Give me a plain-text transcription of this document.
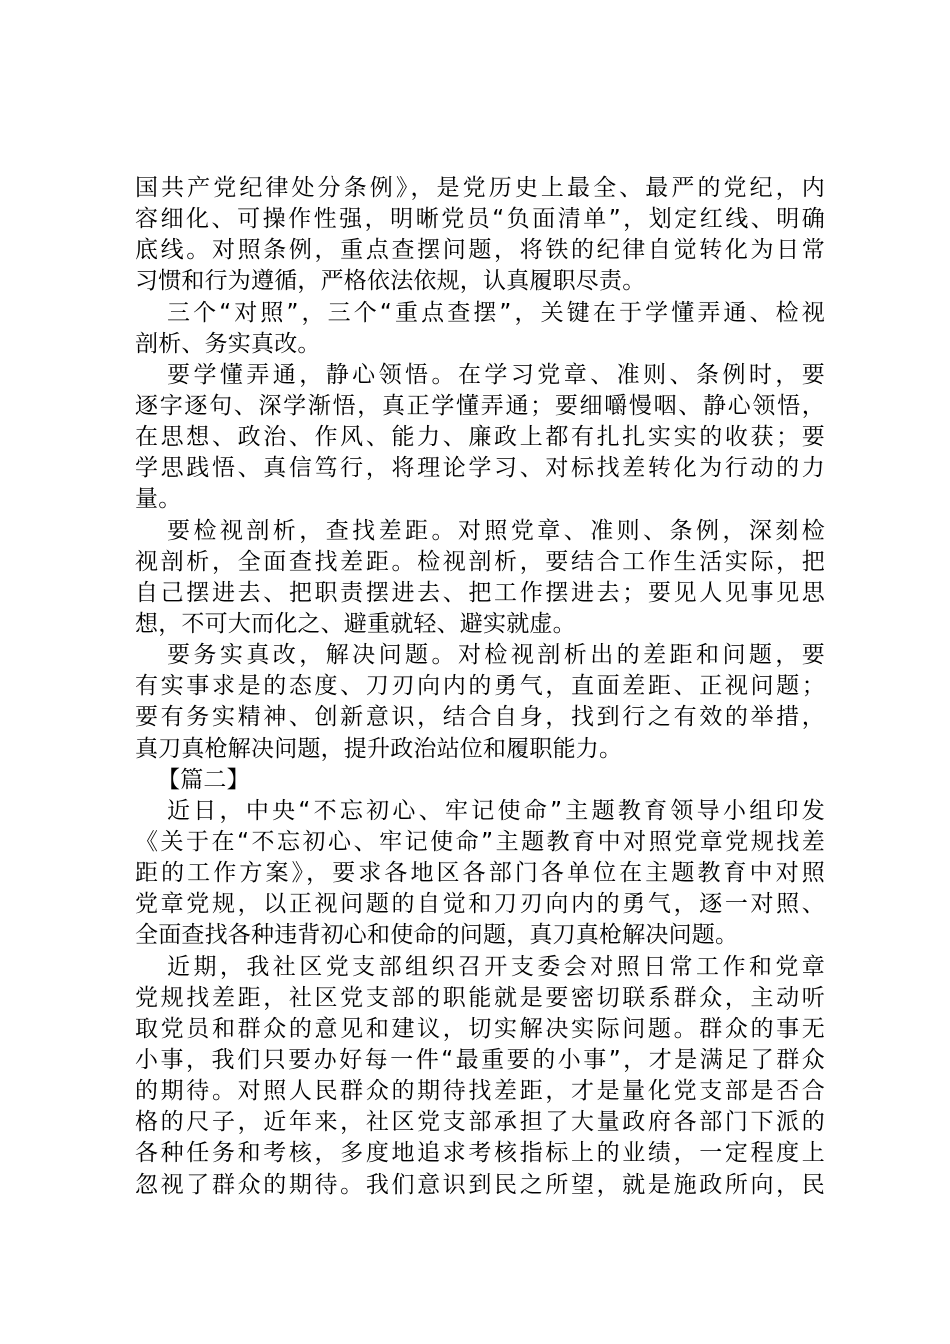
国共产党纪律处分条例》，是党历史上最全、最严的党纪，内
容细化、可操作性强，明晰党员“负面清单”，划定红线、明确
底线。对照条例，重点查摆问题，将铁的纪律自觉转化为日常
习惯和行为遵循，严格依法依规，认真履职尽责。
三个“对照”，三个“重点查摆”，关键在于学懂弄通、检视
剖析、务实真改。
要学懂弄通，静心领悟。在学习党章、准则、条例时，要
逐字逐句、深学渐悟，真正学懂弄通；要细嚼慢咽、静心领悟，
在思想、政治、作风、能力、廉政上都有扎扎实实的收获；要
学思践悟、真信笃行，将理论学习、对标找差转化为行动的力
量。
要检视剖析，查找差距。对照党章、准则、条例，深刻检
视剖析，全面查找差距。检视剖析，要结合工作生活实际，把
自己摆进去、把职责摆进去、把工作摆进去；要见人见事见思
想，不可大而化之、避重就轻、避实就虚。
要务实真改，解决问题。对检视剖析出的差距和问题，要
有实事求是的态度、刀刃向内的勇气，直面差距、正视问题；
要有务实精神、创新意识，结合自身，找到行之有效的举措，
真刀真枪解决问题，提升政治站位和履职能力。
【篇二】
近日，中央“不忘初心、牢记使命”主题教育领导小组印发
《关于在“不忘初心、牢记使命”主题教育中对照党章党规找差
距的工作方案》，要求各地区各部门各单位在主题教育中对照
党章党规，以正视问题的自觉和刀刃向内的勇气，逐一对照、
全面查找各种违背初心和使命的问题，真刀真枪解决问题。
近期，我社区党支部组织召开支委会对照日常工作和党章
党规找差距，社区党支部的职能就是要密切联系群众，主动听
取党员和群众的意见和建议，切实解决实际问题。群众的事无
小事，我们只要办好每一件“最重要的小事”，才是满足了群众
的期待。对照人民群众的期待找差距，才是量化党支部是否合
格的尺子，近年来，社区党支部承担了大量政府各部门下派的
各种任务和考核，多度地追求考核指标上的业绩，一定程度上
忽视了群众的期待。我们意识到民之所望，就是施政所向，民
